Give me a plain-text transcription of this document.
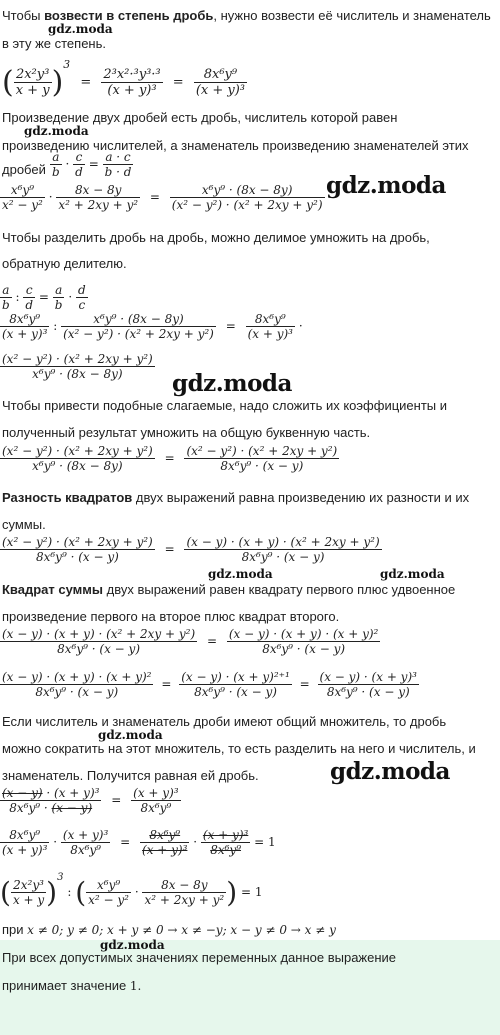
Чтобы возвести в степень дробь, нужно возвести её числитель и знаменатель
в эту же степень.
gdz.moda
( $\frac{\text{2x²y³}}{x + y} )^3 = \frac{\text{2³x²·³y³·³}}{\text{(x + y)³}} = \frac{\text{8x⁶y⁹}}{\text{(x + y)³}}$
Произведение двух дробей есть дробь, числитель которой равен
gdz.moda
произведению числителей, а знаменатель произведению знаменателей этих
дробей $\frac{a}{b} \cdot \frac{c}{d} = \frac{a \cdot c}{b \cdot d}$
$\frac{\text{x⁶y⁹}}{\text{x² − y²}} \cdot \frac{8x - 8y}{\text{x² + 2xy + y²}} = \frac{\text{x⁶y⁹ · (8x − 8y)}}{\text{(x² − y²) · (x² + 2xy + y²)}}$ gdz.moda
Чтобы разделить дробь на дробь, можно делимое умножить на дробь,
обратную делителю.
$\frac{a}{b}$ : $\frac{c}{d} = \frac{a}{b} \cdot \frac{d}{c}$
$\frac{\text{8x⁶y⁹}}{\text{(x + y)³}}$ : $\frac{\text{x⁶y⁹ · (8x − 8y)}}{\text{(x² − y²) · (x² + 2xy + y²)}} = \frac{\text{8x⁶y⁹}}{\text{(x + y)³}}$ ·
$\frac{\text{(x² − y²) · (x² + 2xy + y²)}}{\text{x⁶y⁹ · (8x − 8y)}}$
gdz.moda
Чтобы привести подобные слагаемые, надо сложить их коэффициенты и
полученный результат умножить на общую буквенную часть.
$\frac{\text{(x² − y²) · (x² + 2xy + y²)}}{\text{x⁶y⁹ · (8x − 8y)}} = \frac{\text{(x² − y²) · (x² + 2xy + y²)}}{\text{8x⁶y⁹ · (x − y)}}$
Разность квадратов двух выражений равна произведению их разности и их
суммы.
$\frac{\text{(x² − y²) · (x² + 2xy + y²)}}{\text{8x⁶y⁹ · (x − y)}} = \frac{\text{(x − y) · (x + y) · (x² + 2xy + y²)}}{\text{8x⁶y⁹ · (x − y)}}$
gdz.moda	gdz.moda
Квадрат суммы двух выражений равен квадрату первого плюс удвоенное
произведение первого на второе плюс квадрат второго.
$\frac{\text{(x − y) · (x + y) · (x² + 2xy + y²)}}{\text{8x⁶y⁹ · (x − y)}} = \frac{\text{(x − y) · (x + y) · (x + y)²}}{\text{8x⁶y⁹ · (x − y)}}$
$\frac{\text{(x − y) · (x + y) · (x + y)²}}{\text{8x⁶y⁹ · (x − y)}} = \frac{\text{(x − y) · (x + y)²⁺¹}}{\text{8x⁶y⁹ · (x − y)}} = \frac{\text{(x − y) · (x + y)³}}{\text{8x⁶y⁹ · (x − y)}}$
Если числитель и знаменатель дроби имеют общий множитель, то дробь
gdz.moda
можно сократить на этот множитель, то есть разделить на него и числитель, и
знаменатель. Получится равная ей дробь.	gdz.moda
$\frac{\text{(x − y) · (x + y)³}}{\text{8x⁶y⁹ · (x − y)}} = \frac{\text{(x + y)³}}{\text{8x⁶y⁹}}$
$\frac{\text{8x⁶y⁹}}{\text{(x + y)³}} \cdot \frac{\text{(x + y)³}}{\text{8x⁶y⁹}} = \frac{\text{8x⁶y⁹}}{\text{(x + y)³}} \cdot \frac{\text{(x + y)³}}{\text{8x⁶y⁹}} = 1$
( $\frac{\text{2x²y³}}{x + y} )^3$ : ( $\frac{\text{x⁶y⁹}}{\text{x² − y²}} \cdot \frac{8x - 8y}{\text{x² + 2xy + y²}}$ ) = 1
при x ≠ 0; y ≠ 0; x + y ≠ 0 → x ≠ −y; x − y ≠ 0 → x ≠ y
gdz.moda
При всех допустимых значениях переменных данное выражение
принимает значение 1.
